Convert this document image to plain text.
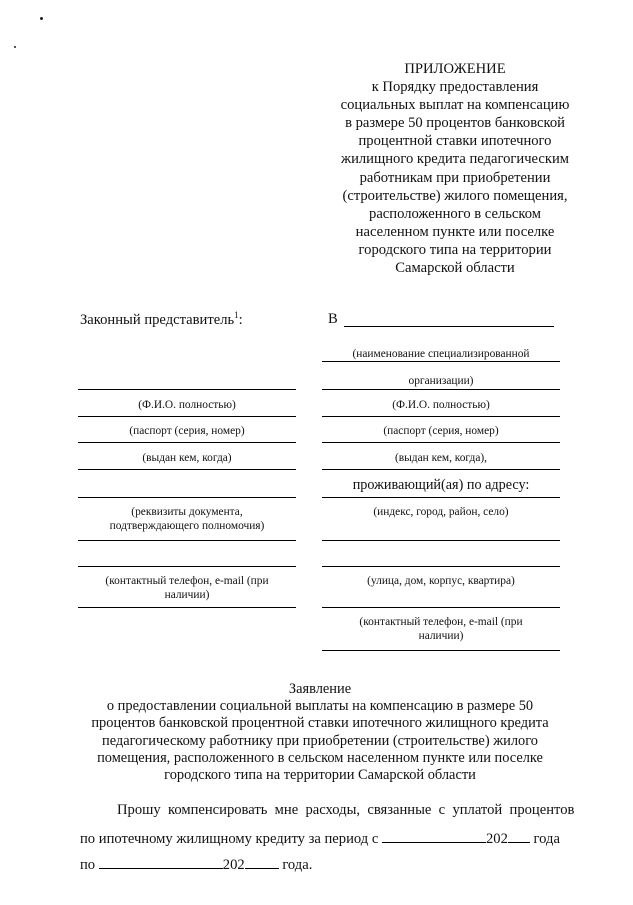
ПРИЛОЖЕНИЕ
к Порядку предоставления
социальных выплат на компенсацию
в размере 50 процентов банковской
процентной ставки ипотечного
жилищного кредита педагогическим
работникам при приобретении
(строительстве) жилого помещения,
расположенного в сельском
населенном пункте или поселке
городского типа на территории
Самарской области
Законный представитель$^1$:
(Ф.И.О. полностью)
(паспорт (серия, номер)
(выдан кем, когда)
(реквизиты документа,
подтверждающего полномочия)
(контактный телефон, e-mail (при
наличии)
В
(наименование специализированной
организации)
(Ф.И.О. полностью)
(паспорт (серия, номер)
(выдан кем, когда),
проживающий(ая) по адресу:
(индекс, город, район, село)
(улица, дом, корпус, квартира)
(контактный телефон, e-mail (при
наличии)
Заявление
о предоставлении социальной выплаты на компенсацию в размере 50
процентов банковской процентной ставки ипотечного жилищного кредита
педагогическому работнику при приобретении (строительстве) жилого
помещения, расположенного в сельском населенном пункте или поселке
городского типа на территории Самарской области
Прошу  компенсировать  мне  расходы,  связанные  с  уплатой  процентов
по ипотечному жилищному кредиту за период с	202 года
по	202	года.
